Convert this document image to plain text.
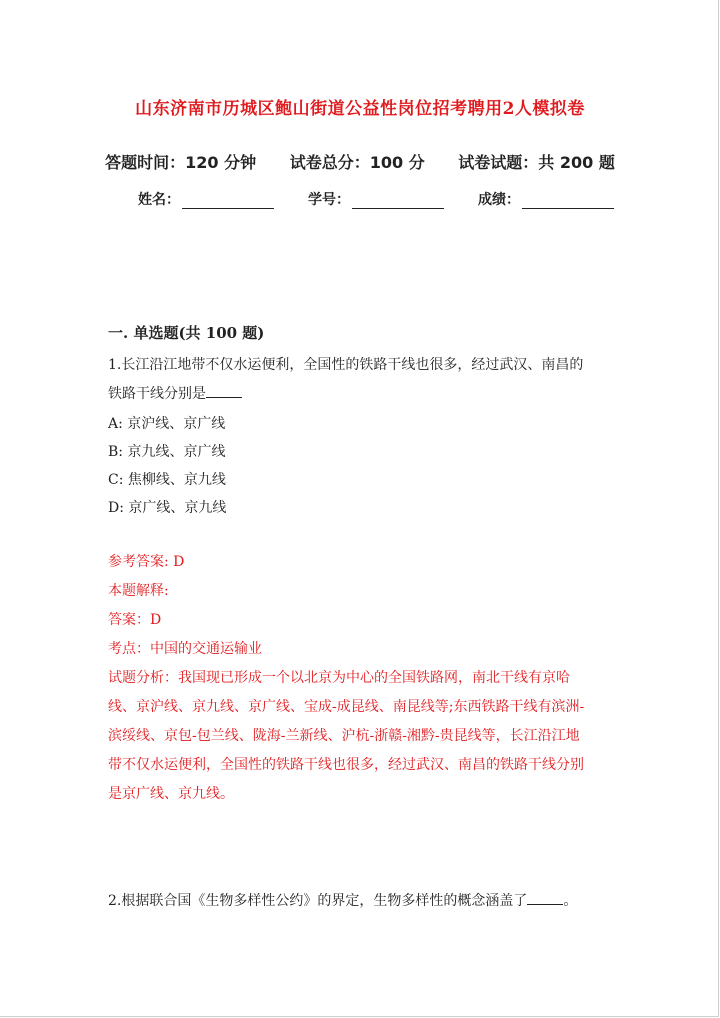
山东济南市历城区鲍山街道公益性岗位招考聘用2人模拟卷
答题时间：120 分钟 试卷总分：100 分 试卷试题：共 200 题
姓名：	学号：	成绩：
一. 单选题(共 100 题)
1.长江沿江地带不仅水运便利，全国性的铁路干线也很多，经过武汉、南昌的
铁路干线分别是
A: 京沪线、京广线
B: 京九线、京广线
C: 焦柳线、京九线
D: 京广线、京九线
参考答案: D
本题解释:
答案：D
考点：中国的交通运输业
试题分析：我国现已形成一个以北京为中心的全国铁路网，南北干线有京哈
线、京沪线、京九线、京广线、宝成-成昆线、南昆线等;东西铁路干线有滨洲-
滨绥线、京包-包兰线、陇海-兰新线、沪杭-浙赣-湘黔-贵昆线等，长江沿江地
带不仅水运便利，全国性的铁路干线也很多，经过武汉、南昌的铁路干线分别
是京广线、京九线。
2.根据联合国《生物多样性公约》的界定，生物多样性的概念涵盖了	。
